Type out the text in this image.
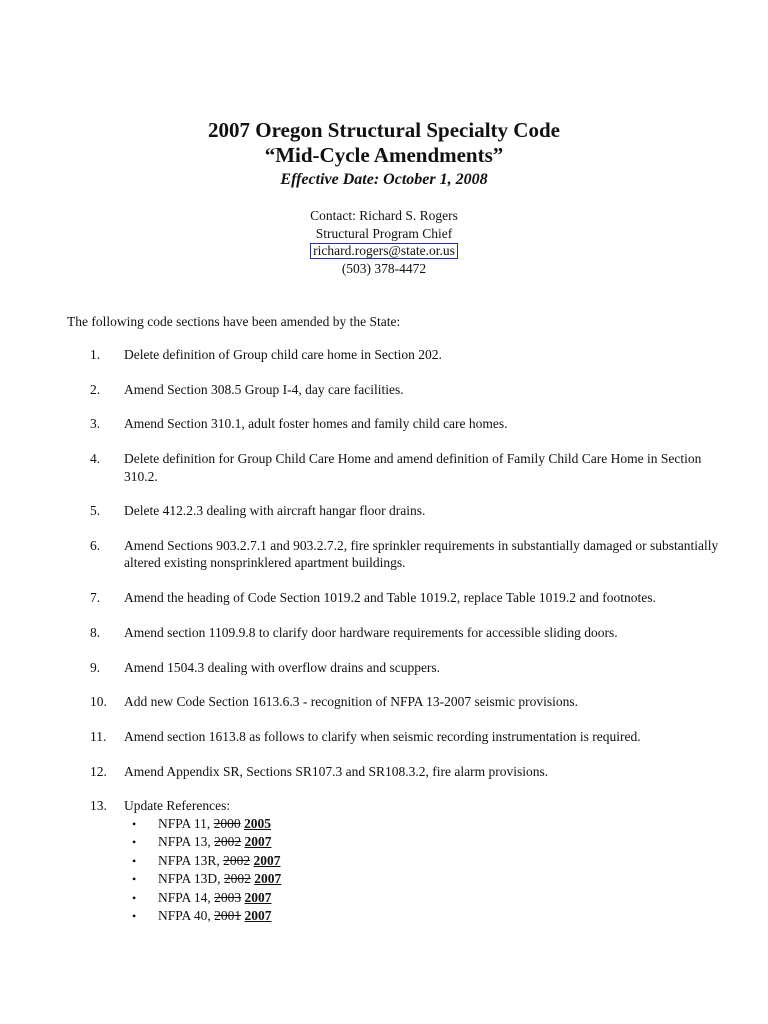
2007 Oregon Structural Specialty Code
“Mid-Cycle Amendments”
Effective Date: October 1, 2008
Contact: Richard S. Rogers
Structural Program Chief
richard.rogers@state.or.us
(503) 378-4472

The following code sections have been amended by the State:

1. Delete definition of Group child care home in Section 202.
2. Amend Section 308.5 Group I-4, day care facilities.
3. Amend Section 310.1, adult foster homes and family child care homes.
4. Delete definition for Group Child Care Home and amend definition of Family Child Care Home in Section 310.2.
5. Delete 412.2.3 dealing with aircraft hangar floor drains.
6. Amend Sections 903.2.7.1 and 903.2.7.2, fire sprinkler requirements in substantially damaged or substantially altered existing nonsprinklered apartment buildings.
7. Amend the heading of Code Section 1019.2 and Table 1019.2, replace Table 1019.2 and footnotes.
8. Amend section 1109.9.8 to clarify door hardware requirements for accessible sliding doors.
9. Amend 1504.3 dealing with overflow drains and scuppers.
10. Add new Code Section 1613.6.3 - recognition of NFPA 13-2007 seismic provisions.
11. Amend section 1613.8 as follows to clarify when seismic recording instrumentation is required.
12. Amend Appendix SR, Sections SR107.3 and SR108.3.2, fire alarm provisions.
13. Update References:
• NFPA 11, 2000 2005
• NFPA 13, 2002 2007
• NFPA 13R, 2002 2007
• NFPA 13D, 2002 2007
• NFPA 14, 2003 2007
• NFPA 40, 2001 2007
